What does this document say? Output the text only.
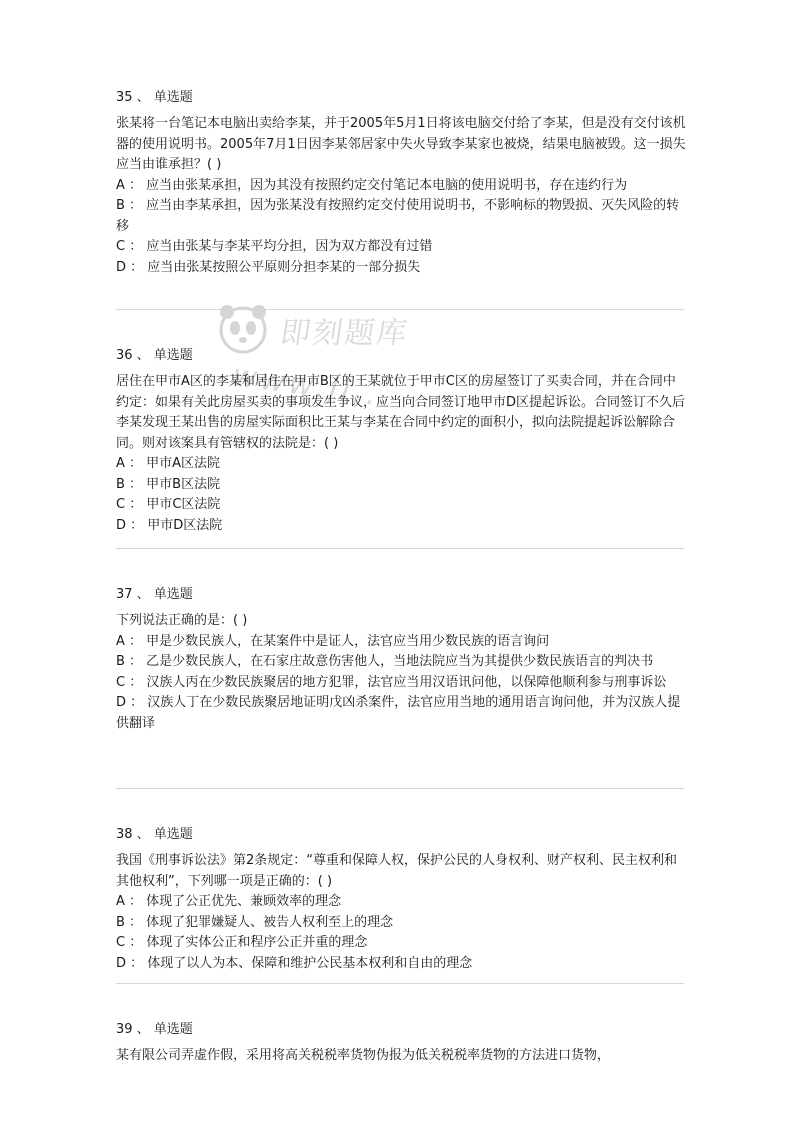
即刻题库
www.ji...

35 、 单选题

张某将一台笔记本电脑出卖给李某，并于2005年5月1日将该电脑交付给了李某，但是没有交付该机器的使用说明书。2005年7月1日因李某邻居家中失火导致李某家也被烧，结果电脑被毁。这一损失应当由谁承担？( )

A ： 应当由张某承担，因为其没有按照约定交付笔记本电脑的使用说明书，存在违约行为

B ： 应当由李某承担，因为张某没有按照约定交付使用说明书，不影响标的物毁损、灭失风险的转移

C ： 应当由张某与李某平均分担，因为双方都没有过错

D ： 应当由张某按照公平原则分担李某的一部分损失

36 、 单选题

居住在甲市A区的李某和居住在甲市B区的王某就位于甲市C区的房屋签订了买卖合同，并在合同中约定：如果有关此房屋买卖的事项发生争议，应当向合同签订地甲市D区提起诉讼。合同签订不久后李某发现王某出售的房屋实际面积比王某与李某在合同中约定的面积小，拟向法院提起诉讼解除合同。则对该案具有管辖权的法院是：( )

A ： 甲市A区法院

B ： 甲市B区法院

C ： 甲市C区法院

D ： 甲市D区法院

37 、 单选题

下列说法正确的是：( )

A ： 甲是少数民族人，在某案件中是证人，法官应当用少数民族的语言询问

B ： 乙是少数民族人，在石家庄故意伤害他人，当地法院应当为其提供少数民族语言的判决书

C ： 汉族人丙在少数民族聚居的地方犯罪，法官应当用汉语讯问他，以保障他顺利参与刑事诉讼

D ： 汉族人丁在少数民族聚居地证明戊凶杀案件，法官应用当地的通用语言询问他，并为汉族人提供翻译

38 、 单选题

我国《刑事诉讼法》第2条规定：“尊重和保障人权，保护公民的人身权利、财产权利、民主权利和其他权利”，下列哪一项是正确的：( )

A ： 体现了公正优先、兼顾效率的理念

B ： 体现了犯罪嫌疑人、被告人权利至上的理念

C ： 体现了实体公正和程序公正并重的理念

D ： 体现了以人为本、保障和维护公民基本权利和自由的理念

39 、 单选题

某有限公司弄虚作假，采用将高关税税率货物伪报为低关税税率货物的方法进口货物，
